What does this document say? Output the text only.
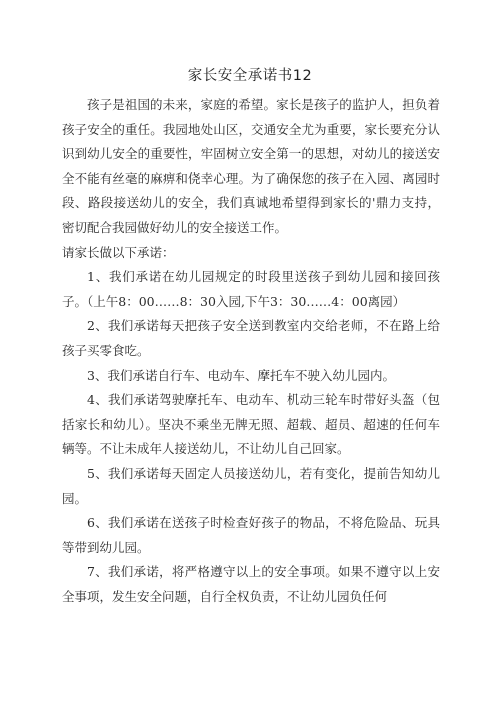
家长安全承诺书12

孩子是祖国的未来，家庭的希望。家长是孩子的监护人，担负着孩子安全的重任。我园地处山区，交通安全尤为重要，家长要充分认识到幼儿安全的重要性，牢固树立安全第一的思想，对幼儿的接送安全不能有丝毫的麻痹和侥幸心理。为了确保您的孩子在入园、离园时段、路段接送幼儿的安全，我们真诚地希望得到家长的'鼎力支持，密切配合我园做好幼儿的安全接送工作。

请家长做以下承诺：

1、我们承诺在幼儿园规定的时段里送孩子到幼儿园和接回孩子。（上午8：00……8：30入园,下午3：30……4：00离园）

2、我们承诺每天把孩子安全送到教室内交给老师，不在路上给孩子买零食吃。

3、我们承诺自行车、电动车、摩托车不驶入幼儿园内。

4、我们承诺驾驶摩托车、电动车、机动三轮车时带好头盔（包括家长和幼儿）。坚决不乘坐无牌无照、超载、超员、超速的任何车辆等。不让未成年人接送幼儿，不让幼儿自己回家。

5、我们承诺每天固定人员接送幼儿，若有变化，提前告知幼儿园。

6、我们承诺在送孩子时检查好孩子的物品，不将危险品、玩具等带到幼儿园。

7、我们承诺，将严格遵守以上的安全事项。如果不遵守以上安全事项，发生安全问题，自行全权负责，不让幼儿园负任何
